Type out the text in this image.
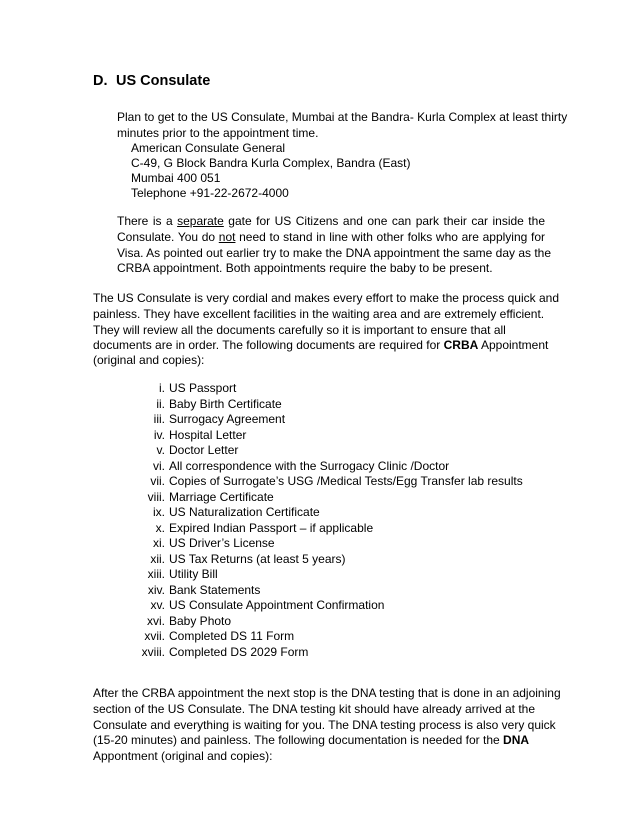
D. US Consulate
Plan to get to the US Consulate, Mumbai at the Bandra- Kurla Complex at least thirty
minutes prior to the appointment time.
American Consulate General
C-49, G Block Bandra Kurla Complex, Bandra (East)
Mumbai 400 051
Telephone +91-22-2672-4000
There is a separate gate for US Citizens and one can park their car inside the
Consulate. You do not need to stand in line with other folks who are applying for
Visa. As pointed out earlier try to make the DNA appointment the same day as the
CRBA appointment. Both appointments require the baby to be present.
The US Consulate is very cordial and makes every effort to make the process quick and
painless. They have excellent facilities in the waiting area and are extremely efficient.
They will review all the documents carefully so it is important to ensure that all
documents are in order. The following documents are required for CRBA Appointment
(original and copies):
i. US Passport
ii. Baby Birth Certificate
iii. Surrogacy Agreement
iv. Hospital Letter
v. Doctor Letter
vi. All correspondence with the Surrogacy Clinic /Doctor
vii. Copies of Surrogate’s USG /Medical Tests/Egg Transfer lab results
viii. Marriage Certificate
ix. US Naturalization Certificate
x. Expired Indian Passport – if applicable
xi. US Driver’s License
xii. US Tax Returns (at least 5 years)
xiii. Utility Bill
xiv. Bank Statements
xv. US Consulate Appointment Confirmation
xvi. Baby Photo
xvii. Completed DS 11 Form
xviii. Completed DS 2029 Form
After the CRBA appointment the next stop is the DNA testing that is done in an adjoining
section of the US Consulate. The DNA testing kit should have already arrived at the
Consulate and everything is waiting for you. The DNA testing process is also very quick
(15-20 minutes) and painless. The following documentation is needed for the DNA
Appontment (original and copies):
